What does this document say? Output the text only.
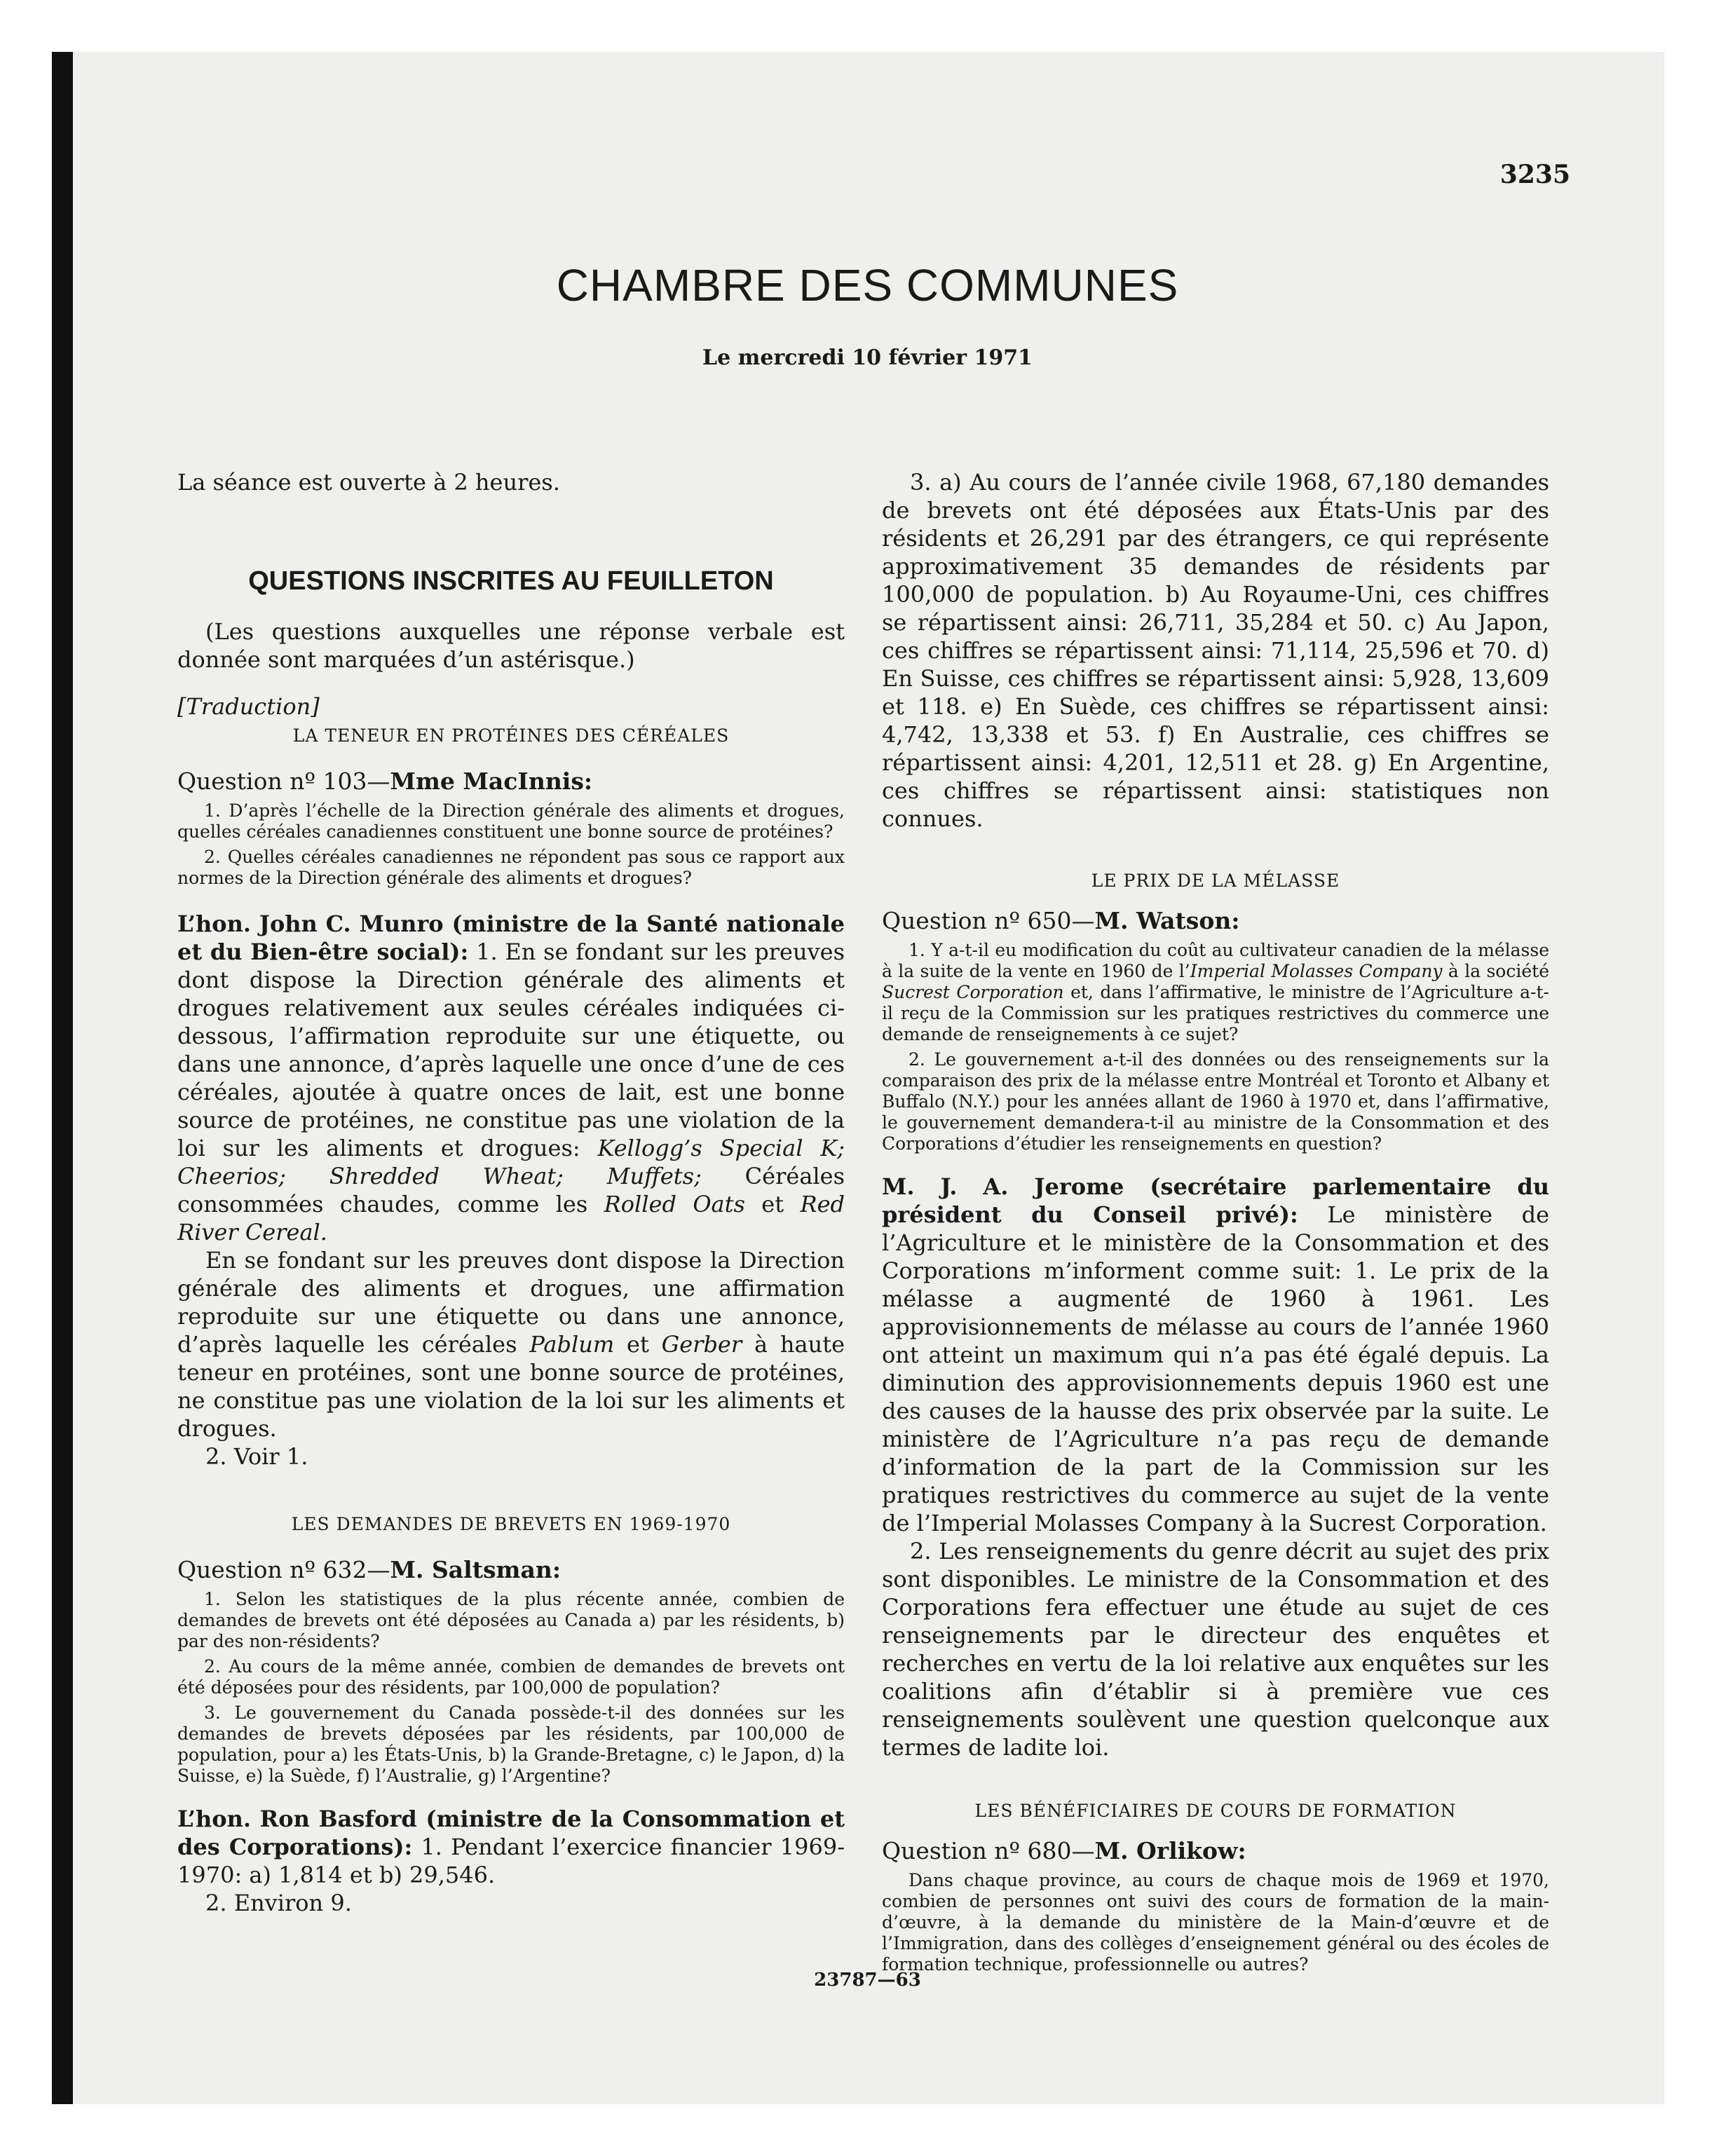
3235
CHAMBRE DES COMMUNES
Le mercredi 10 février 1971

La séance est ouverte à 2 heures.

QUESTIONS INSCRITES AU FEUILLETON

(Les questions auxquelles une réponse verbale est donnée sont marquées d’un astérisque.)

[Traduction]

LA TENEUR EN PROTÉINES DES CÉRÉALES

Question nº 103—Mme MacInnis:

1. D’après l’échelle de la Direction générale des aliments et drogues, quelles céréales canadiennes constituent une bonne source de protéines?

2. Quelles céréales canadiennes ne répondent pas sous ce rapport aux normes de la Direction générale des aliments et drogues?

L’hon. John C. Munro (ministre de la Santé nationale et du Bien-être social): 1. En se fondant sur les preuves dont dispose la Direction générale des aliments et drogues relativement aux seules céréales indiquées ci-dessous, l’affirmation reproduite sur une étiquette, ou dans une annonce, d’après laquelle une once d’une de ces céréales, ajoutée à quatre onces de lait, est une bonne source de protéines, ne constitue pas une violation de la loi sur les aliments et drogues: Kellogg’s Special K; Cheerios; Shredded Wheat; Muffets; Céréales consommées chaudes, comme les Rolled Oats et Red River Cereal.

En se fondant sur les preuves dont dispose la Direction générale des aliments et drogues, une affirmation reproduite sur une étiquette ou dans une annonce, d’après laquelle les céréales Pablum et Gerber à haute teneur en protéines, sont une bonne source de protéines, ne constitue pas une violation de la loi sur les aliments et drogues.

2. Voir 1.

LES DEMANDES DE BREVETS EN 1969-1970

Question nº 632—M. Saltsman:

1. Selon les statistiques de la plus récente année, combien de demandes de brevets ont été déposées au Canada a) par les résidents, b) par des non-résidents?

2. Au cours de la même année, combien de demandes de brevets ont été déposées pour des résidents, par 100,000 de population?

3. Le gouvernement du Canada possède-t-il des données sur les demandes de brevets déposées par les résidents, par 100,000 de population, pour a) les États-Unis, b) la Grande-Bretagne, c) le Japon, d) la Suisse, e) la Suède, f) l’Australie, g) l’Argentine?

L’hon. Ron Basford (ministre de la Consommation et des Corporations): 1. Pendant l’exercice financier 1969-1970: a) 1,814 et b) 29,546.

2. Environ 9.

3. a) Au cours de l’année civile 1968, 67,180 demandes de brevets ont été déposées aux États-Unis par des résidents et 26,291 par des étrangers, ce qui représente approximativement 35 demandes de résidents par 100,000 de population. b) Au Royaume-Uni, ces chiffres se répartissent ainsi: 26,711, 35,284 et 50. c) Au Japon, ces chiffres se répartissent ainsi: 71,114, 25,596 et 70. d) En Suisse, ces chiffres se répartissent ainsi: 5,928, 13,609 et 118. e) En Suède, ces chiffres se répartissent ainsi: 4,742, 13,338 et 53. f) En Australie, ces chiffres se répartissent ainsi: 4,201, 12,511 et 28. g) En Argentine, ces chiffres se répartissent ainsi: statistiques non connues.

LE PRIX DE LA MÉLASSE

Question nº 650—M. Watson:

1. Y a-t-il eu modification du coût au cultivateur canadien de la mélasse à la suite de la vente en 1960 de l’Imperial Molasses Company à la société Sucrest Corporation et, dans l’affirmative, le ministre de l’Agriculture a-t-il reçu de la Commission sur les pratiques restrictives du commerce une demande de renseignements à ce sujet?

2. Le gouvernement a-t-il des données ou des renseignements sur la comparaison des prix de la mélasse entre Montréal et Toronto et Albany et Buffalo (N.Y.) pour les années allant de 1960 à 1970 et, dans l’affirmative, le gouvernement demandera-t-il au ministre de la Consommation et des Corporations d’étudier les renseignements en question?

M. J. A. Jerome (secrétaire parlementaire du président du Conseil privé): Le ministère de l’Agriculture et le ministère de la Consommation et des Corporations m’informent comme suit: 1. Le prix de la mélasse a augmenté de 1960 à 1961. Les approvisionnements de mélasse au cours de l’année 1960 ont atteint un maximum qui n’a pas été égalé depuis. La diminution des approvisionnements depuis 1960 est une des causes de la hausse des prix observée par la suite. Le ministère de l’Agriculture n’a pas reçu de demande d’information de la part de la Commission sur les pratiques restrictives du commerce au sujet de la vente de l’Imperial Molasses Company à la Sucrest Corporation.

2. Les renseignements du genre décrit au sujet des prix sont disponibles. Le ministre de la Consommation et des Corporations fera effectuer une étude au sujet de ces renseignements par le directeur des enquêtes et recherches en vertu de la loi relative aux enquêtes sur les coalitions afin d’établir si à première vue ces renseignements soulèvent une question quelconque aux termes de ladite loi.

LES BÉNÉFICIAIRES DE COURS DE FORMATION

Question nº 680—M. Orlikow:

Dans chaque province, au cours de chaque mois de 1969 et 1970, combien de personnes ont suivi des cours de formation de la main-d’œuvre, à la demande du ministère de la Main-d’œuvre et de l’Immigration, dans des collèges d’enseignement général ou des écoles de formation technique, professionnelle ou autres?

23787—63
